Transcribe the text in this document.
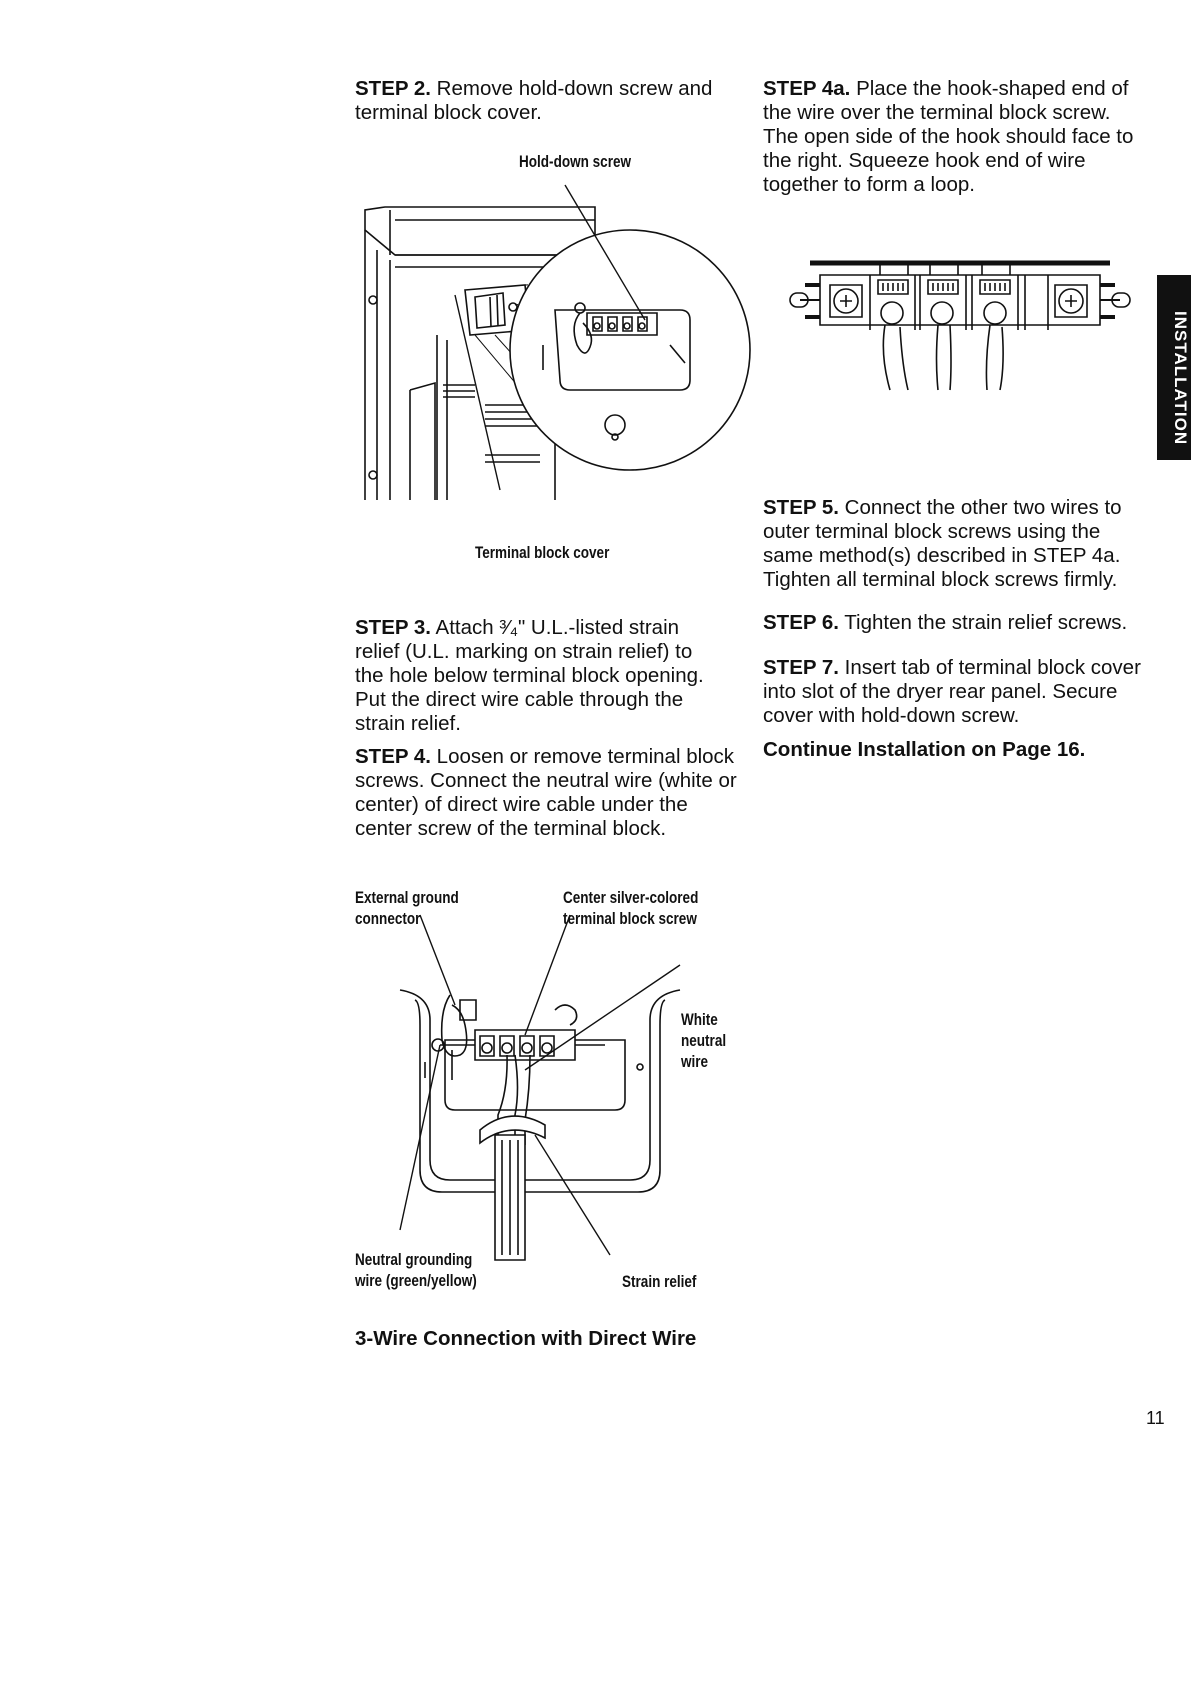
STEP 2. Remove hold-down screw and terminal block cover.

Hold-down screw
Terminal block cover

STEP 3. Attach ³⁄₄" U.L.-listed strain relief (U.L. marking on strain relief) to the hole below terminal block opening. Put the direct wire cable through the strain relief.

STEP 4. Loosen or remove terminal block screws. Connect the neutral wire (white or center) of direct wire cable under the center screw of the terminal block.

External ground
connector
Center silver-colored
terminal block screw
White
neutral
wire
Neutral grounding
wire (green/yellow)	Strain relief
3-Wire Connection with Direct Wire

STEP 4a. Place the hook-shaped end of the wire over the terminal block screw. The open side of the hook should face to the right. Squeeze hook end of wire together to form a loop.

STEP 5. Connect the other two wires to outer terminal block screws using the same method(s) described in STEP 4a. Tighten all terminal block screws firmly.

STEP 6. Tighten the strain relief screws.

STEP 7. Insert tab of terminal block cover into slot of the dryer rear panel. Secure cover with hold-down screw.

Continue Installation on Page 16.
INSTALLATION
11
